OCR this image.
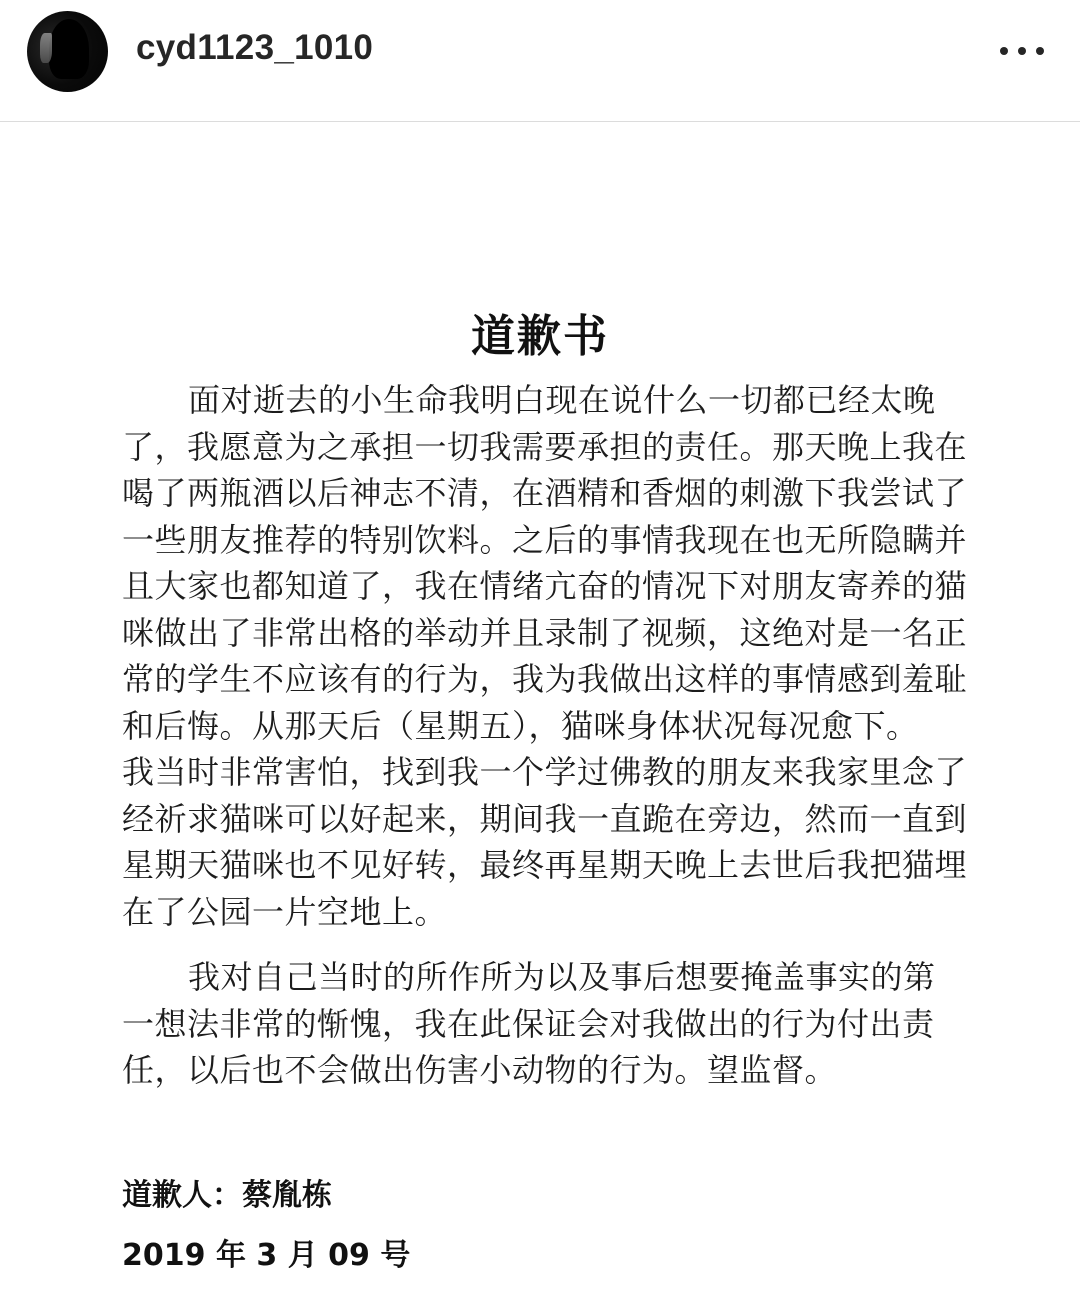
cyd1123_1010
道歉书
面对逝去的小生命我明白现在说什么一切都已经太晚
了，我愿意为之承担一切我需要承担的责任。那天晚上我在
喝了两瓶酒以后神志不清，在酒精和香烟的刺激下我尝试了
一些朋友推荐的特别饮料。之后的事情我现在也无所隐瞒并
且大家也都知道了，我在情绪亢奋的情况下对朋友寄养的猫
咪做出了非常出格的举动并且录制了视频，这绝对是一名正
常的学生不应该有的行为，我为我做出这样的事情感到羞耻
和后悔。从那天后（星期五），猫咪身体状况每况愈下。
我当时非常害怕，找到我一个学过佛教的朋友来我家里念了
经祈求猫咪可以好起来，期间我一直跪在旁边，然而一直到
星期天猫咪也不见好转，最终再星期天晚上去世后我把猫埋
在了公园一片空地上。
我对自己当时的所作所为以及事后想要掩盖事实的第
一想法非常的惭愧，我在此保证会对我做出的行为付出责
任，以后也不会做出伤害小动物的行为。望监督。
道歉人：蔡胤栋
2019 年 3 月 09 号
